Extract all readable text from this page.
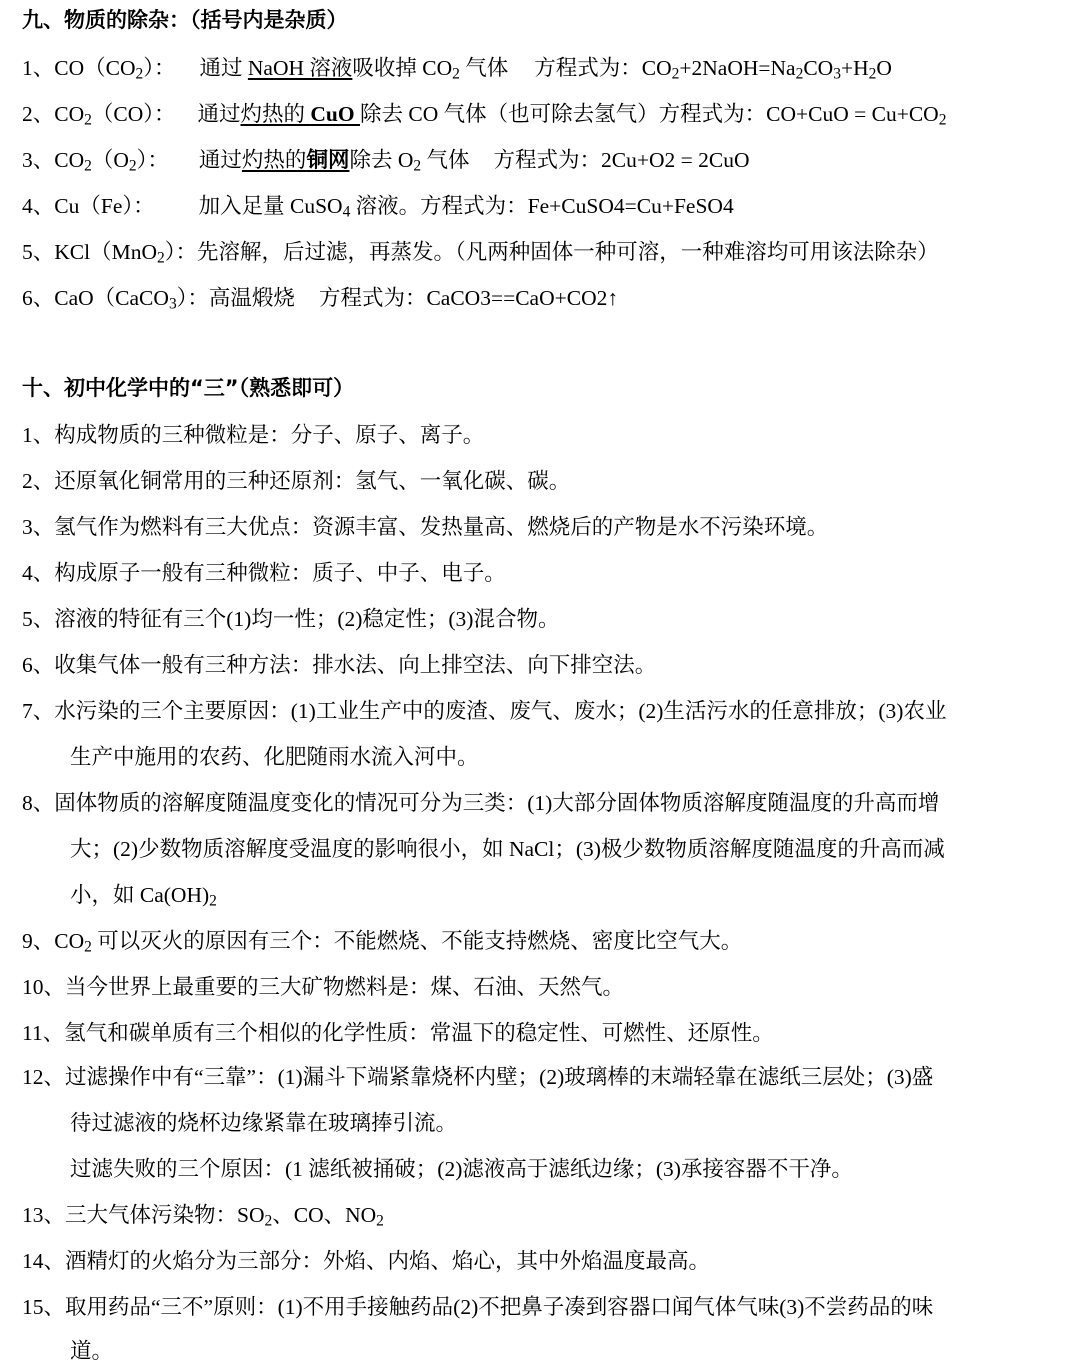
九、物质的除杂：（括号内是杂质）
1、$CO(CO_2)$： 通过 NaOH 溶液吸收掉 $CO_2$ 气体 方程式为：$CO_2+2NaOH=Na_2CO_3+H_2O$
2、$CO_2(CO)$： 通过灼热的 CuO 除去 CO 气体（也可除去氢气）方程式为：$CO+CuO = Cu+CO_2$
3、$CO_2(O_2)$： 通过灼热的铜网除去 $O_2$ 气体 方程式为：2Cu+O2 = 2CuO
4、Cu（Fe）： 加入足量 CuSO$_4$ 溶液。方程式为：Fe+CuSO4=Cu+FeSO4
5、KCl（MnO$_2$）：先溶解，后过滤，再蒸发。（凡两种固体一种可溶，一种难溶均可用该法除杂）
6、CaO（CaCO$_3$）：高温煅烧 方程式为：CaCO3==CaO+CO2↑
十、初中化学中的“三”（熟悉即可）
1、构成物质的三种微粒是：分子、原子、离子。
2、还原氧化铜常用的三种还原剂：氢气、一氧化碳、碳。
3、氢气作为燃料有三大优点：资源丰富、发热量高、燃烧后的产物是水不污染环境。
4、构成原子一般有三种微粒：质子、中子、电子。
5、溶液的特征有三个(1)均一性；(2)稳定性；(3)混合物。
6、收集气体一般有三种方法：排水法、向上排空法、向下排空法。
7、水污染的三个主要原因：(1)工业生产中的废渣、废气、废水；(2)生活污水的任意排放；(3)农业
生产中施用的农药、化肥随雨水流入河中。
8、固体物质的溶解度随温度变化的情况可分为三类：(1)大部分固体物质溶解度随温度的升高而增
大；(2)少数物质溶解度受温度的影响很小，如 NaCl；(3)极少数物质溶解度随温度的升高而减
小，如 $Ca(OH)_2$
9、$CO_2$ 可以灭火的原因有三个：不能燃烧、不能支持燃烧、密度比空气大。
10、当今世界上最重要的三大矿物燃料是：煤、石油、天然气。
11、氢气和碳单质有三个相似的化学性质：常温下的稳定性、可燃性、还原性。
12、过滤操作中有“三靠”：(1)漏斗下端紧靠烧杯内壁；(2)玻璃棒的末端轻靠在滤纸三层处；(3)盛
待过滤液的烧杯边缘紧靠在玻璃捧引流。
过滤失败的三个原因：(1 滤纸被捅破；(2)滤液高于滤纸边缘；(3)承接容器不干净。
13、三大气体污染物：$SO_2$、CO、$NO_2$
14、酒精灯的火焰分为三部分：外焰、内焰、焰心，其中外焰温度最高。
15、取用药品“三不”原则：(1)不用手接触药品(2)不把鼻子凑到容器口闻气体气味(3)不尝药品的味
道。
